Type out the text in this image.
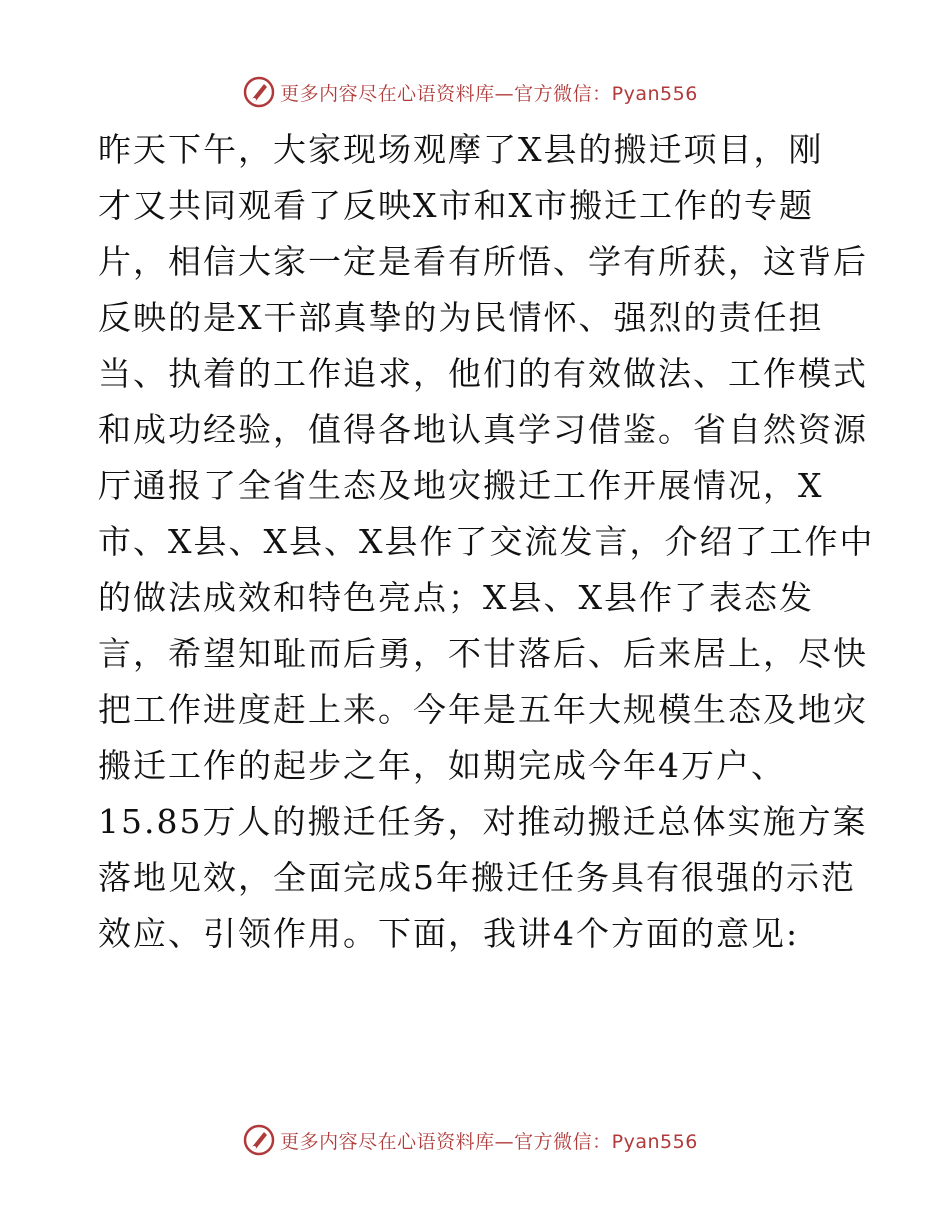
更多内容尽在心语资料库—官方微信：Pyan556
昨天下午，大家现场观摩了X县的搬迁项目，刚
才又共同观看了反映X市和X市搬迁工作的专题
片，相信大家一定是看有所悟、学有所获，这背后
反映的是X干部真挚的为民情怀、强烈的责任担
当、执着的工作追求，他们的有效做法、工作模式
和成功经验，值得各地认真学习借鉴。省自然资源
厅通报了全省生态及地灾搬迁工作开展情况，X
市、X县、X县、X县作了交流发言，介绍了工作中
的做法成效和特色亮点；X县、X县作了表态发
言，希望知耻而后勇，不甘落后、后来居上，尽快
把工作进度赶上来。今年是五年大规模生态及地灾
搬迁工作的起步之年，如期完成今年4万户、
15.85万人的搬迁任务，对推动搬迁总体实施方案
落地见效，全面完成5年搬迁任务具有很强的示范
效应、引领作用。下面，我讲4个方面的意见:
更多内容尽在心语资料库—官方微信：Pyan556
